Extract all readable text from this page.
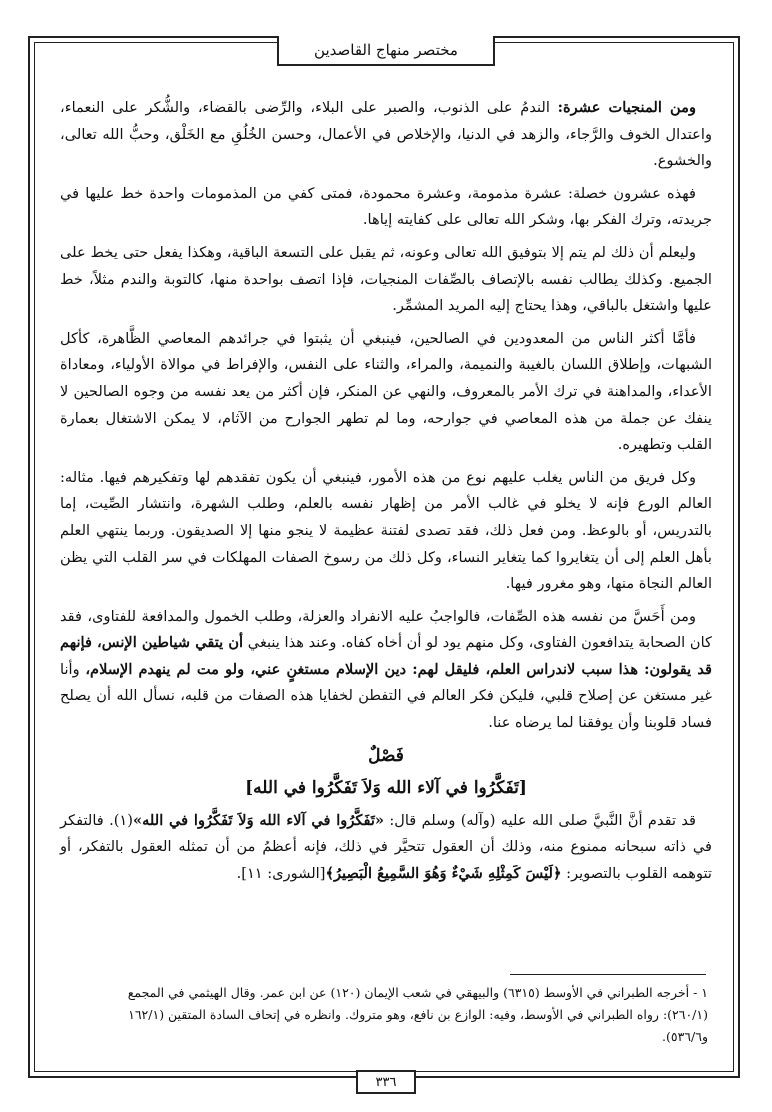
مختصر منهاج القاصدين

ومن المنجيات عشرة: الندمُ على الذنوب، والصبر على البلاء، والرِّضى بالقضاء، والشُّكر على النعماء، واعتدال الخوف والرَّجاء، والزهد في الدنيا، والإخلاص في الأعمال، وحسن الخُلُقِ مع الخَلْق، وحبُّ الله تعالى، والخشوع.

فهذه عشرون خصلة: عشرة مذمومة، وعشرة محمودة، فمتى كفي من المذمومات واحدة خط عليها في جريدته، وترك الفكر بها، وشكر الله تعالى على كفايته إياها.

وليعلم أن ذلك لم يتم إلا بتوفيق الله تعالى وعونه، ثم يقبل على التسعة الباقية، وهكذا يفعل حتى يخط على الجميع. وكذلك يطالب نفسه بالإتصاف بالصِّفات المنجيات، فإذا اتصف بواحدة منها، كالتوبة والندم مثلاً، خط عليها واشتغل بالباقي، وهذا يحتاج إليه المريد المشمِّر.

فأمَّا أكثر الناس من المعدودين في الصالحين، فينبغي أن يثبتوا في جرائدهم المعاصي الظَّاهرة، كأكل الشبهات، وإطلاق اللسان بالغيبة والنميمة، والمراء، والثناء على النفس، والإفراط في موالاة الأولياء، ومعاداة الأعداء، والمداهنة في ترك الأمر بالمعروف، والنهي عن المنكر، فإن أكثر من يعد نفسه من وجوه الصالحين لا ينفك عن جملة من هذه المعاصي في جوارحه، وما لم تطهر الجوارح من الآثام، لا يمكن الاشتغال بعمارة القلب وتطهيره.

وكل فريق من الناس يغلب عليهم نوع من هذه الأمور، فينبغي أن يكون تفقدهم لها وتفكيرهم فيها. مثاله: العالم الورع فإنه لا يخلو في غالب الأمر من إظهار نفسه بالعلم، وطلب الشهرة، وانتشار الصِّيت، إما بالتدريس، أو بالوعظ. ومن فعل ذلك، فقد تصدى لفتنة عظيمة لا ينجو منها إلا الصديقون. وربما ينتهي العلم بأهل العلم إلى أن يتغايروا كما يتغاير النساء، وكل ذلك من رسوخ الصفات المهلكات في سر القلب التي يظن العالم النجاة منها، وهو مغرور فيها.

ومن أَحَسَّ من نفسه هذه الصِّفات، فالواجبُ عليه الانفراد والعزلة، وطلب الخمول والمدافعة للفتاوى، فقد كان الصحابة يتدافعون الفتاوى، وكل منهم يود لو أن أخاه كفاه. وعند هذا ينبغي أن يتقي شياطين الإنس، فإنهم قد يقولون: هذا سبب لاندراس العلم، فليقل لهم: دين الإسلام مستغنٍ عني، ولو مت لم ينهدم الإسلام، وأنا غير مستغن عن إصلاح قلبي، فليكن فكر العالم في التفطن لخفايا هذه الصفات من قلبه، نسأل الله أن يصلح فساد قلوبنا وأن يوفقنا لما يرضاه عنا.

فَصْلٌ

[تَفَكَّرُوا في آلاء الله وَلاَ تَفَكَّرُوا في الله]

قد تقدم أنَّ النَّبيَّ صلى الله عليه (وآله) وسلم قال: «تَفَكَّرُوا في آلاء الله وَلاَ تَفَكَّرُوا في الله»(١). فالتفكر في ذاته سبحانه ممنوع منه، وذلك أن العقول تتحيَّر في ذلك، فإنه أعظمُ من أن تمثله العقول بالتفكر، أو تتوهمه القلوب بالتصوير: ﴿لَيْسَ كَمِثْلِهِ شَيْءٌ وَهُوَ السَّمِيعُ الْبَصِيرُ﴾[الشورى: ١١].

١ - أخرجه الطبراني في الأوسط (٦٣١٥) والبيهقي في شعب الإيمان (١٢٠) عن ابن عمر. وقال الهيثمي في المجمع
(٢٦٠/١): رواه الطبراني في الأوسط، وفيه: الوازع بن نافع، وهو متروك. وانظره في إتحاف السادة المتقين (١٦٢/١
و٥٣٦/٦).
٣٣٦
